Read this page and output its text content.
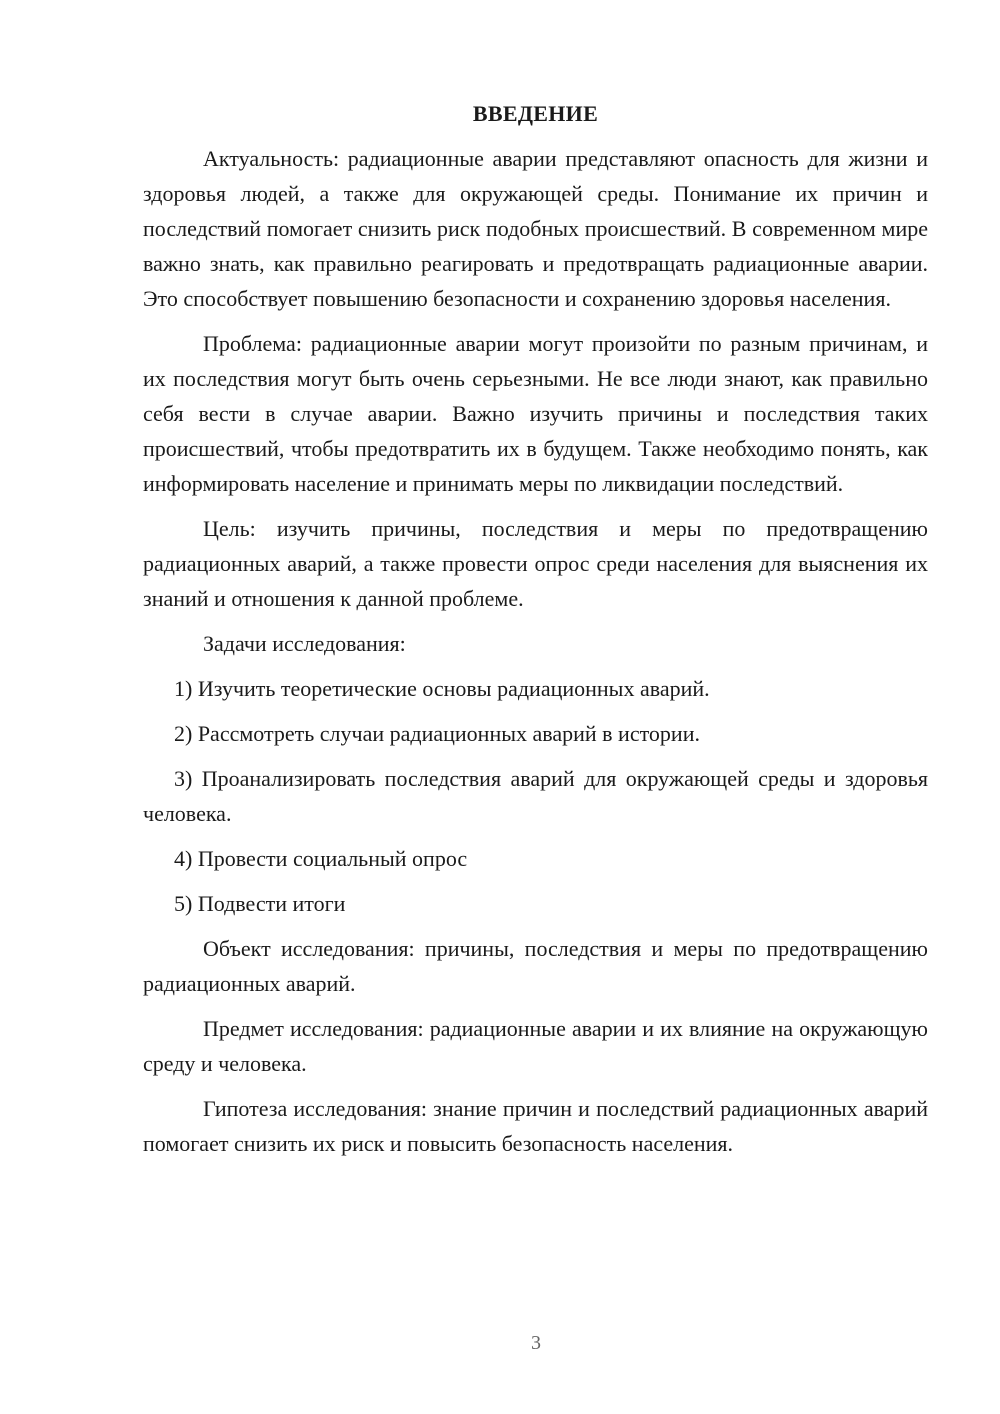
ВВЕДЕНИЕ

Актуальность: радиационные аварии представляют опасность для жизни и здоровья людей, а также для окружающей среды. Понимание их причин и последствий помогает снизить риск подобных происшествий. В современном мире важно знать, как правильно реагировать и предотвращать радиационные аварии. Это способствует повышению безопасности и сохранению здоровья населения.

Проблема: радиационные аварии могут произойти по разным причинам, и их последствия могут быть очень серьезными. Не все люди знают, как правильно себя вести в случае аварии. Важно изучить причины и последствия таких происшествий, чтобы предотвратить их в будущем. Также необходимо понять, как информировать население и принимать меры по ликвидации последствий.

Цель: изучить причины, последствия и меры по предотвращению радиационных аварий, а также провести опрос среди населения для выяснения их знаний и отношения к данной проблеме.

Задачи исследования:

1) Изучить теоретические основы радиационных аварий.

2) Рассмотреть случаи радиационных аварий в истории.

3) Проанализировать последствия аварий для окружающей среды и здоровья человека.

4) Провести социальный опрос

5) Подвести итоги

Объект исследования: причины, последствия и меры по предотвращению радиационных аварий.

Предмет исследования: радиационные аварии и их влияние на окружающую среду и человека.

Гипотеза исследования: знание причин и последствий радиационных аварий помогает снизить их риск и повысить безопасность населения.

3
